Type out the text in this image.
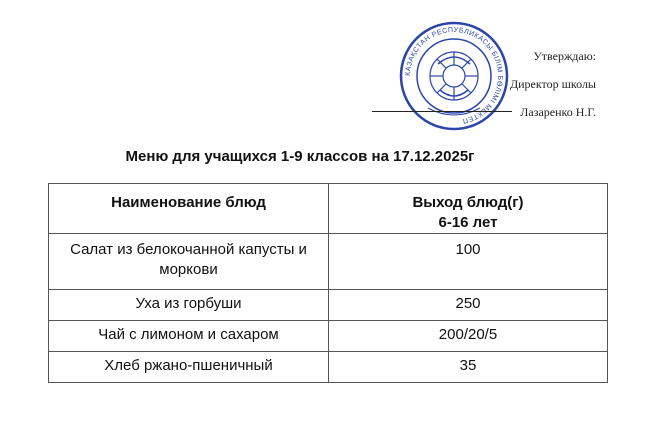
КАЗАҚСТАН РЕСПУБЛИКАСЫ БІЛІМ БӨЛІМІ МЕКТЕП
Утверждаю:
Директор школы
Лазаренко Н.Г.
Меню для учащихся 1-9 классов на 17.12.2025г
Наименование блюд	Выход блюд(г)
6-16 лет

Салат из белокочанной капусты и моркови	100
Уха из горбуши	250
Чай с лимоном и сахаром	200/20/5
Хлеб ржано-пшеничный	35
